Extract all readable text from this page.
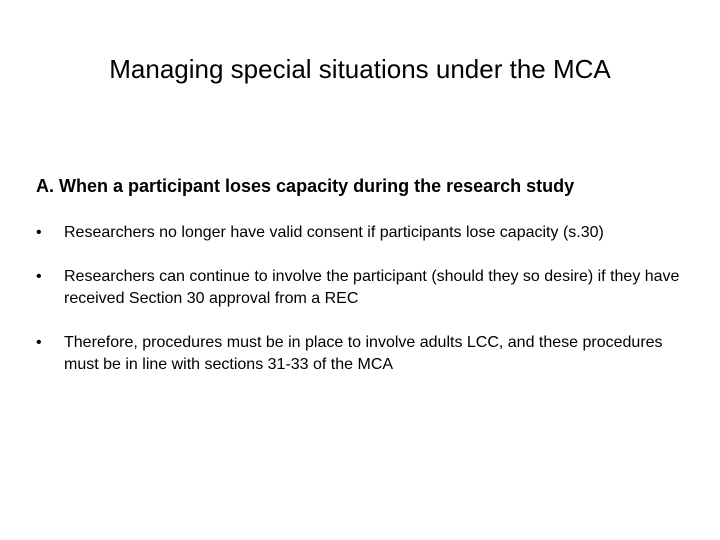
Managing special situations under the MCA
A. When a participant loses capacity during the research study
•	Researchers no longer have valid consent if participants lose capacity (s.30)
•	Researchers can continue to involve the participant (should they so desire) if they have received Section 30 approval from a REC
•	Therefore, procedures must be in place to involve adults LCC, and these procedures must be in line with sections 31-33 of the MCA
